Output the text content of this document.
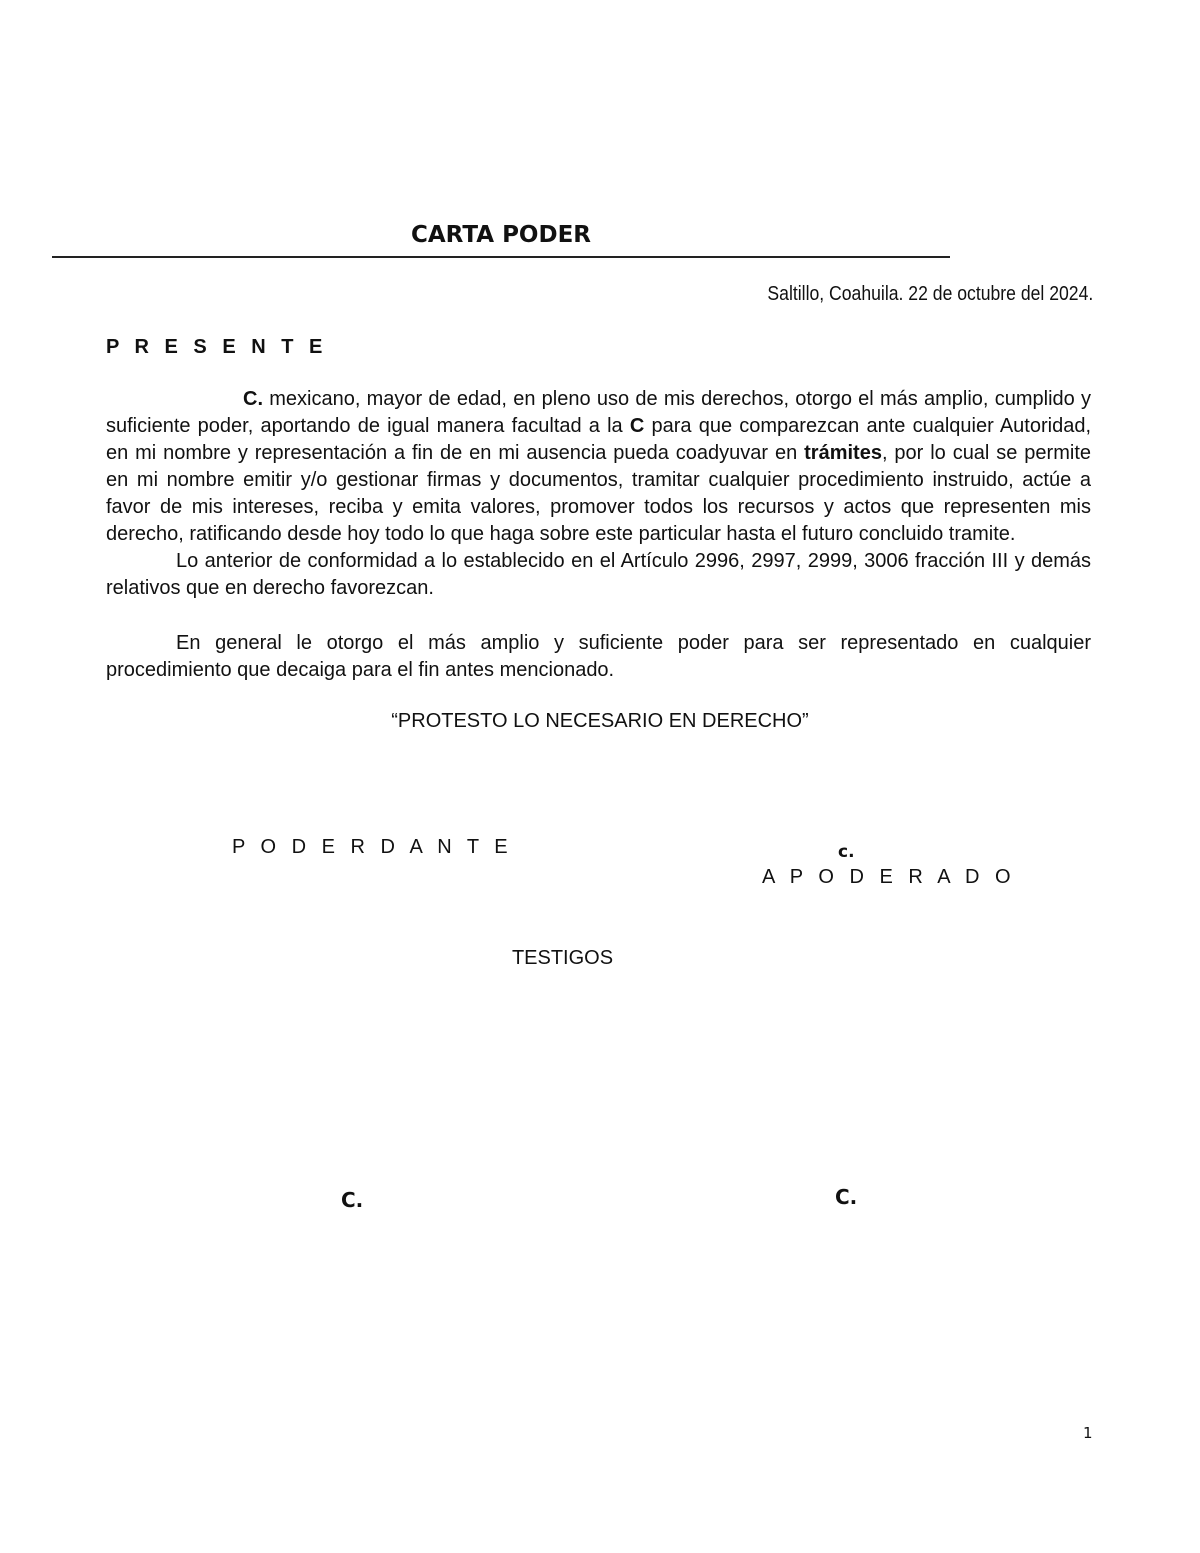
CARTA PODER
Saltillo, Coahuila. 22 de octubre del 2024.
P R E S E N T E

C. mexicano, mayor de edad, en pleno uso de mis derechos, otorgo el más amplio, cumplido y suficiente poder, aportando de igual manera facultad a la C para que comparezcan ante cualquier Autoridad, en mi nombre y representación a fin de en mi ausencia pueda coadyuvar en trámites, por lo cual se permite en mi nombre emitir y/o gestionar firmas y documentos, tramitar cualquier procedimiento instruido, actúe a favor de mis intereses, reciba y emita valores, promover todos los recursos y actos que representen mis derecho, ratificando desde hoy todo lo que haga sobre este particular hasta el futuro concluido tramite.

Lo anterior de conformidad a lo establecido en el Artículo 2996, 2997, 2999, 3006 fracción III y demás relativos que en derecho favorezcan.

En general le otorgo el más amplio y suficiente poder para ser representado en cualquier procedimiento que decaiga para el fin antes mencionado.

“PROTESTO LO NECESARIO EN DERECHO”
P O D E R D A N T E	c.
A P O D E R A D O
TESTIGOS
C.	C.
1
